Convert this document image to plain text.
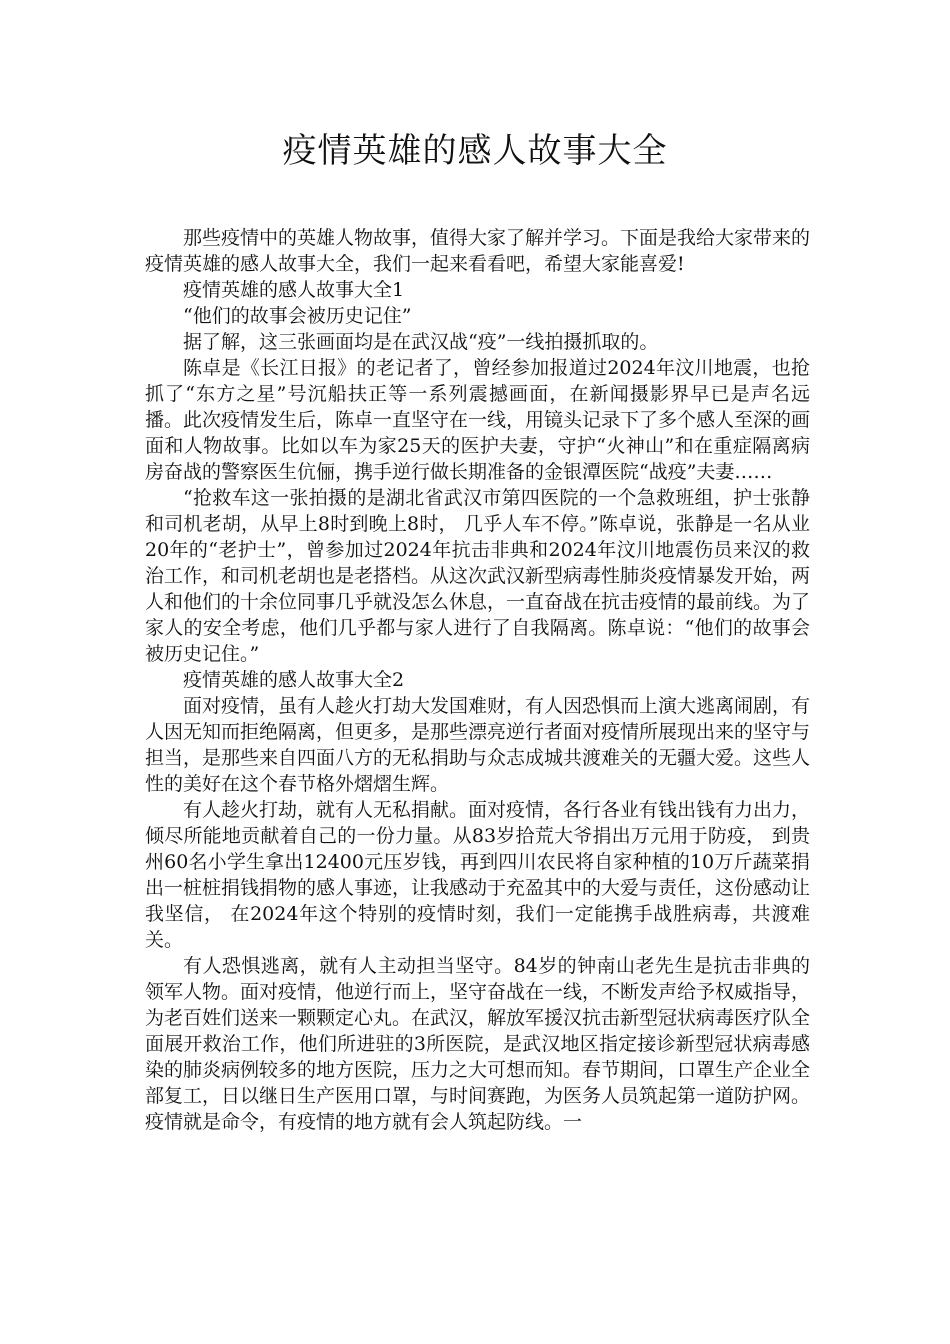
疫情英雄的感人故事大全

那些疫情中的英雄人物故事，值得大家了解并学习。下面是我给大家带来的疫情英雄的感人故事大全，我们一起来看看吧，希望大家能喜爱!

疫情英雄的感人故事大全1

“他们的故事会被历史记住”

据了解，这三张画面均是在武汉战“疫”一线拍摄抓取的。

陈卓是《长江日报》的老记者了，曾经参加报道过2024年汶川地震，也抢抓了“东方之星”号沉船扶正等一系列震撼画面，在新闻摄影界早已是声名远播。此次疫情发生后，陈卓一直坚守在一线，用镜头记录下了多个感人至深的画面和人物故事。比如以车为家25天的医护夫妻，守护“火神山”和在重症隔离病房奋战的警察医生伉俪，携手逆行做长期准备的金银潭医院“战疫”夫妻……

“抢救车这一张拍摄的是湖北省武汉市第四医院的一个急救班组，护士张静和司机老胡，从早上8时到晚上8时， 几乎人车不停。”陈卓说，张静是一名从业20年的“老护士”，曾参加过2024年抗击非典和2024年汶川地震伤员来汉的救治工作，和司机老胡也是老搭档。从这次武汉新型病毒性肺炎疫情暴发开始，两人和他们的十余位同事几乎就没怎么休息，一直奋战在抗击疫情的最前线。为了家人的安全考虑，他们几乎都与家人进行了自我隔离。陈卓说：“他们的故事会被历史记住。”

疫情英雄的感人故事大全2

面对疫情，虽有人趁火打劫大发国难财，有人因恐惧而上演大逃离闹剧，有人因无知而拒绝隔离，但更多，是那些漂亮逆行者面对疫情所展现出来的坚守与担当，是那些来自四面八方的无私捐助与众志成城共渡难关的无疆大爱。这些人性的美好在这个春节格外熠熠生辉。

有人趁火打劫，就有人无私捐献。面对疫情，各行各业有钱出钱有力出力，倾尽所能地贡献着自己的一份力量。从83岁拾荒大爷捐出万元用于防疫， 到贵州60名小学生拿出12400元压岁钱，再到四川农民将自家种植的10万斤蔬菜捐出一桩桩捐钱捐物的感人事迹，让我感动于充盈其中的大爱与责任，这份感动让我坚信， 在2024年这个特别的疫情时刻，我们一定能携手战胜病毒，共渡难关。

有人恐惧逃离，就有人主动担当坚守。84岁的钟南山老先生是抗击非典的领军人物。面对疫情，他逆行而上，坚守奋战在一线，不断发声给予权威指导，为老百姓们送来一颗颗定心丸。在武汉，解放军援汉抗击新型冠状病毒医疗队全面展开救治工作，他们所进驻的3所医院，是武汉地区指定接诊新型冠状病毒感染的肺炎病例较多的地方医院，压力之大可想而知。春节期间，口罩生产企业全部复工，日以继日生产医用口罩，与时间赛跑，为医务人员筑起第一道防护网。疫情就是命令，有疫情的地方就有会人筑起防线。一
